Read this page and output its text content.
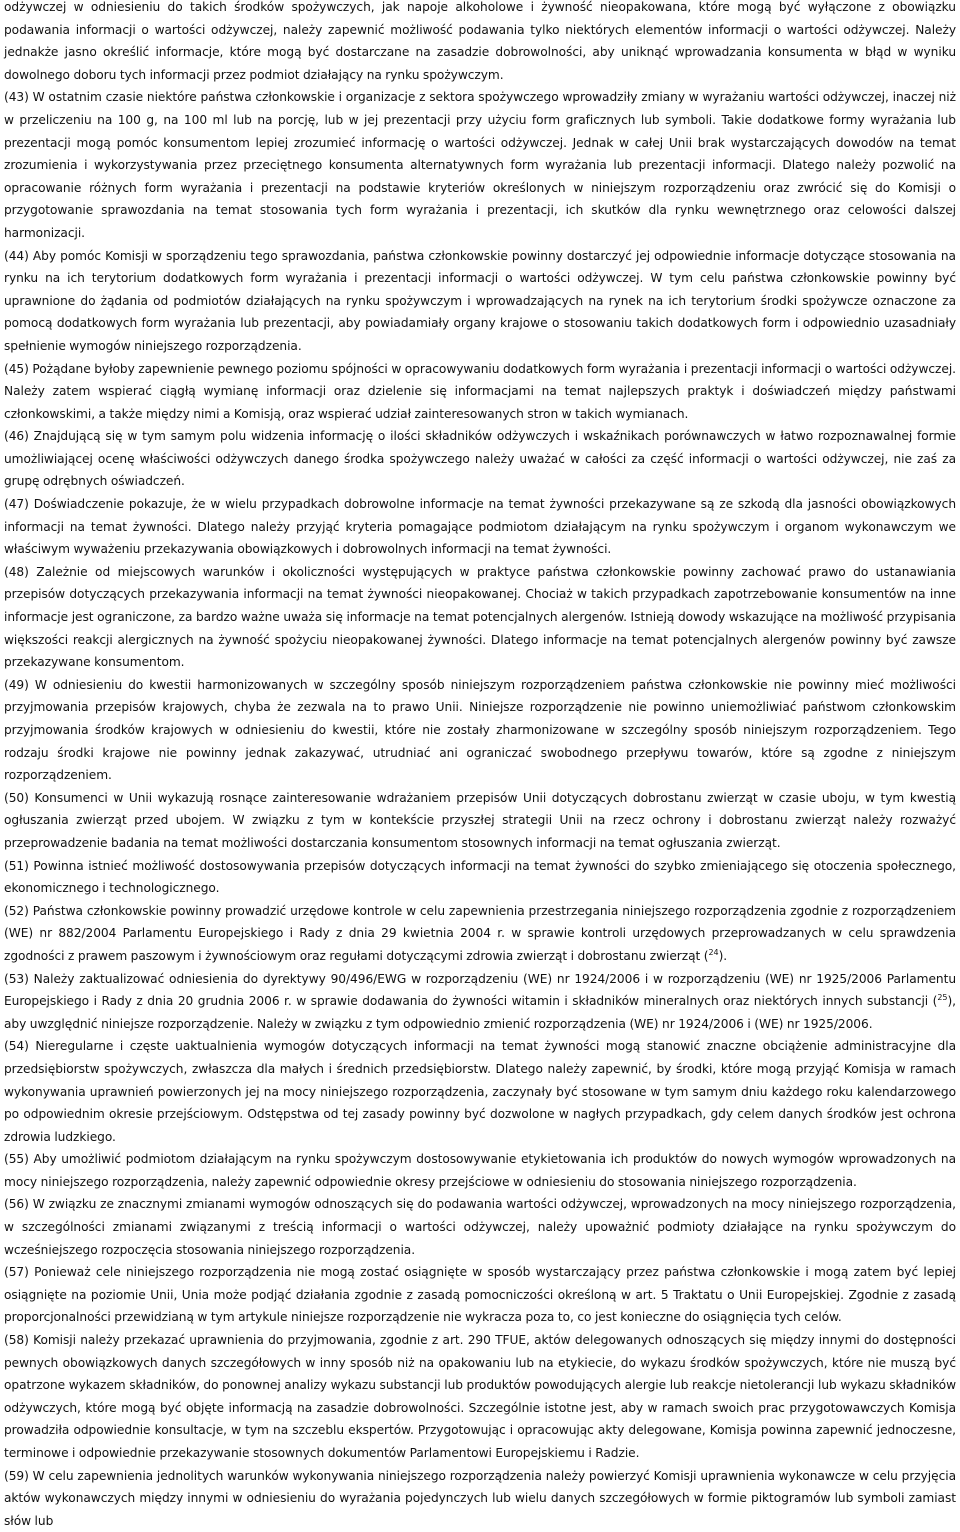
odżywczej w odniesieniu do takich środków spożywczych, jak napoje alkoholowe i żywność nieopakowana, które mogą być wyłączone z obowiązku podawania informacji o wartości odżywczej, należy zapewnić możliwość podawania tylko niektórych elementów informacji o wartości odżywczej. Należy jednakże jasno określić informacje, które mogą być dostarczane na zasadzie dobrowolności, aby uniknąć wprowadzania konsumenta w błąd w wyniku dowolnego doboru tych informacji przez podmiot działający na rynku spożywczym.

(43) W ostatnim czasie niektóre państwa członkowskie i organizacje z sektora spożywczego wprowadziły zmiany w wyrażaniu wartości odżywczej, inaczej niż w przeliczeniu na 100 g, na 100 ml lub na porcję, lub w jej prezentacji przy użyciu form graficznych lub symboli. Takie dodatkowe formy wyrażania lub prezentacji mogą pomóc konsumentom lepiej zrozumieć informację o wartości odżywczej. Jednak w całej Unii brak wystarczających dowodów na temat zrozumienia i wykorzystywania przez przeciętnego konsumenta alternatywnych form wyrażania lub prezentacji informacji. Dlatego należy pozwolić na opracowanie różnych form wyrażania i prezentacji na podstawie kryteriów określonych w niniejszym rozporządzeniu oraz zwrócić się do Komisji o przygotowanie sprawozdania na temat stosowania tych form wyrażania i prezentacji, ich skutków dla rynku wewnętrznego oraz celowości dalszej harmonizacji.

(44) Aby pomóc Komisji w sporządzeniu tego sprawozdania, państwa członkowskie powinny dostarczyć jej odpowiednie informacje dotyczące stosowania na rynku na ich terytorium dodatkowych form wyrażania i prezentacji informacji o wartości odżywczej. W tym celu państwa członkowskie powinny być uprawnione do żądania od podmiotów działających na rynku spożywczym i wprowadzających na rynek na ich terytorium środki spożywcze oznaczone za pomocą dodatkowych form wyrażania lub prezentacji, aby powiadamiały organy krajowe o stosowaniu takich dodatkowych form i odpowiednio uzasadniały spełnienie wymogów niniejszego rozporządzenia.

(45) Pożądane byłoby zapewnienie pewnego poziomu spójności w opracowywaniu dodatkowych form wyrażania i prezentacji informacji o wartości odżywczej. Należy zatem wspierać ciągłą wymianę informacji oraz dzielenie się informacjami na temat najlepszych praktyk i doświadczeń między państwami członkowskimi, a także między nimi a Komisją, oraz wspierać udział zainteresowanych stron w takich wymianach.

(46) Znajdującą się w tym samym polu widzenia informację o ilości składników odżywczych i wskaźnikach porównawczych w łatwo rozpoznawalnej formie umożliwiającej ocenę właściwości odżywczych danego środka spożywczego należy uważać w całości za część informacji o wartości odżywczej, nie zaś za grupę odrębnych oświadczeń.

(47) Doświadczenie pokazuje, że w wielu przypadkach dobrowolne informacje na temat żywności przekazywane są ze szkodą dla jasności obowiązkowych informacji na temat żywności. Dlatego należy przyjąć kryteria pomagające podmiotom działającym na rynku spożywczym i organom wykonawczym we właściwym wyważeniu przekazywania obowiązkowych i dobrowolnych informacji na temat żywności.

(48) Zależnie od miejscowych warunków i okoliczności występujących w praktyce państwa członkowskie powinny zachować prawo do ustanawiania przepisów dotyczących przekazywania informacji na temat żywności nieopakowanej. Chociaż w takich przypadkach zapotrzebowanie konsumentów na inne informacje jest ograniczone, za bardzo ważne uważa się informacje na temat potencjalnych alergenów. Istnieją dowody wskazujące na możliwość przypisania większości reakcji alergicznych na żywność spożyciu nieopakowanej żywności. Dlatego informacje na temat potencjalnych alergenów powinny być zawsze przekazywane konsumentom.

(49) W odniesieniu do kwestii harmonizowanych w szczególny sposób niniejszym rozporządzeniem państwa członkowskie nie powinny mieć możliwości przyjmowania przepisów krajowych, chyba że zezwala na to prawo Unii. Niniejsze rozporządzenie nie powinno uniemożliwiać państwom członkowskim przyjmowania środków krajowych w odniesieniu do kwestii, które nie zostały zharmonizowane w szczególny sposób niniejszym rozporządzeniem. Tego rodzaju środki krajowe nie powinny jednak zakazywać, utrudniać ani ograniczać swobodnego przepływu towarów, które są zgodne z niniejszym rozporządzeniem.

(50) Konsumenci w Unii wykazują rosnące zainteresowanie wdrażaniem przepisów Unii dotyczących dobrostanu zwierząt w czasie uboju, w tym kwestią ogłuszania zwierząt przed ubojem. W związku z tym w kontekście przyszłej strategii Unii na rzecz ochrony i dobrostanu zwierząt należy rozważyć przeprowadzenie badania na temat możliwości dostarczania konsumentom stosownych informacji na temat ogłuszania zwierząt.

(51) Powinna istnieć możliwość dostosowywania przepisów dotyczących informacji na temat żywności do szybko zmieniającego się otoczenia społecznego, ekonomicznego i technologicznego.

(52) Państwa członkowskie powinny prowadzić urzędowe kontrole w celu zapewnienia przestrzegania niniejszego rozporządzenia zgodnie z rozporządzeniem (WE) nr 882/2004 Parlamentu Europejskiego i Rady z dnia 29 kwietnia 2004 r. w sprawie kontroli urzędowych przeprowadzanych w celu sprawdzenia zgodności z prawem paszowym i żywnościowym oraz regułami dotyczącymi zdrowia zwierząt i dobrostanu zwierząt ($^{24}$).

(53) Należy zaktualizować odniesienia do dyrektywy 90/496/EWG w rozporządzeniu (WE) nr 1924/2006 i w rozporządzeniu (WE) nr 1925/2006 Parlamentu Europejskiego i Rady z dnia 20 grudnia 2006 r. w sprawie dodawania do żywności witamin i składników mineralnych oraz niektórych innych substancji ($^{25}$), aby uwzględnić niniejsze rozporządzenie. Należy w związku z tym odpowiednio zmienić rozporządzenia (WE) nr 1924/2006 i (WE) nr 1925/2006.

(54) Nieregularne i częste uaktualnienia wymogów dotyczących informacji na temat żywności mogą stanowić znaczne obciążenie administracyjne dla przedsiębiorstw spożywczych, zwłaszcza dla małych i średnich przedsiębiorstw. Dlatego należy zapewnić, by środki, które mogą przyjąć Komisja w ramach wykonywania uprawnień powierzonych jej na mocy niniejszego rozporządzenia, zaczynały być stosowane w tym samym dniu każdego roku kalendarzowego po odpowiednim okresie przejściowym. Odstępstwa od tej zasady powinny być dozwolone w nagłych przypadkach, gdy celem danych środków jest ochrona zdrowia ludzkiego.

(55) Aby umożliwić podmiotom działającym na rynku spożywczym dostosowywanie etykietowania ich produktów do nowych wymogów wprowadzonych na mocy niniejszego rozporządzenia, należy zapewnić odpowiednie okresy przejściowe w odniesieniu do stosowania niniejszego rozporządzenia.

(56) W związku ze znacznymi zmianami wymogów odnoszących się do podawania wartości odżywczej, wprowadzonych na mocy niniejszego rozporządzenia, w szczególności zmianami związanymi z treścią informacji o wartości odżywczej, należy upoważnić podmioty działające na rynku spożywczym do wcześniejszego rozpoczęcia stosowania niniejszego rozporządzenia.

(57) Ponieważ cele niniejszego rozporządzenia nie mogą zostać osiągnięte w sposób wystarczający przez państwa członkowskie i mogą zatem być lepiej osiągnięte na poziomie Unii, Unia może podjąć działania zgodnie z zasadą pomocniczości określoną w art. 5 Traktatu o Unii Europejskiej. Zgodnie z zasadą proporcjonalności przewidzianą w tym artykule niniejsze rozporządzenie nie wykracza poza to, co jest konieczne do osiągnięcia tych celów.

(58) Komisji należy przekazać uprawnienia do przyjmowania, zgodnie z art. 290 TFUE, aktów delegowanych odnoszących się między innymi do dostępności pewnych obowiązkowych danych szczegółowych w inny sposób niż na opakowaniu lub na etykiecie, do wykazu środków spożywczych, które nie muszą być opatrzone wykazem składników, do ponownej analizy wykazu substancji lub produktów powodujących alergie lub reakcje nietolerancji lub wykazu składników odżywczych, które mogą być objęte informacją na zasadzie dobrowolności. Szczególnie istotne jest, aby w ramach swoich prac przygotowawczych Komisja prowadziła odpowiednie konsultacje, w tym na szczeblu ekspertów. Przygotowując i opracowując akty delegowane, Komisja powinna zapewnić jednoczesne, terminowe i odpowiednie przekazywanie stosownych dokumentów Parlamentowi Europejskiemu i Radzie.

(59) W celu zapewnienia jednolitych warunków wykonywania niniejszego rozporządzenia należy powierzyć Komisji uprawnienia wykonawcze w celu przyjęcia aktów wykonawczych między innymi w odniesieniu do wyrażania pojedynczych lub wielu danych szczegółowych w formie piktogramów lub symboli zamiast słów lub
